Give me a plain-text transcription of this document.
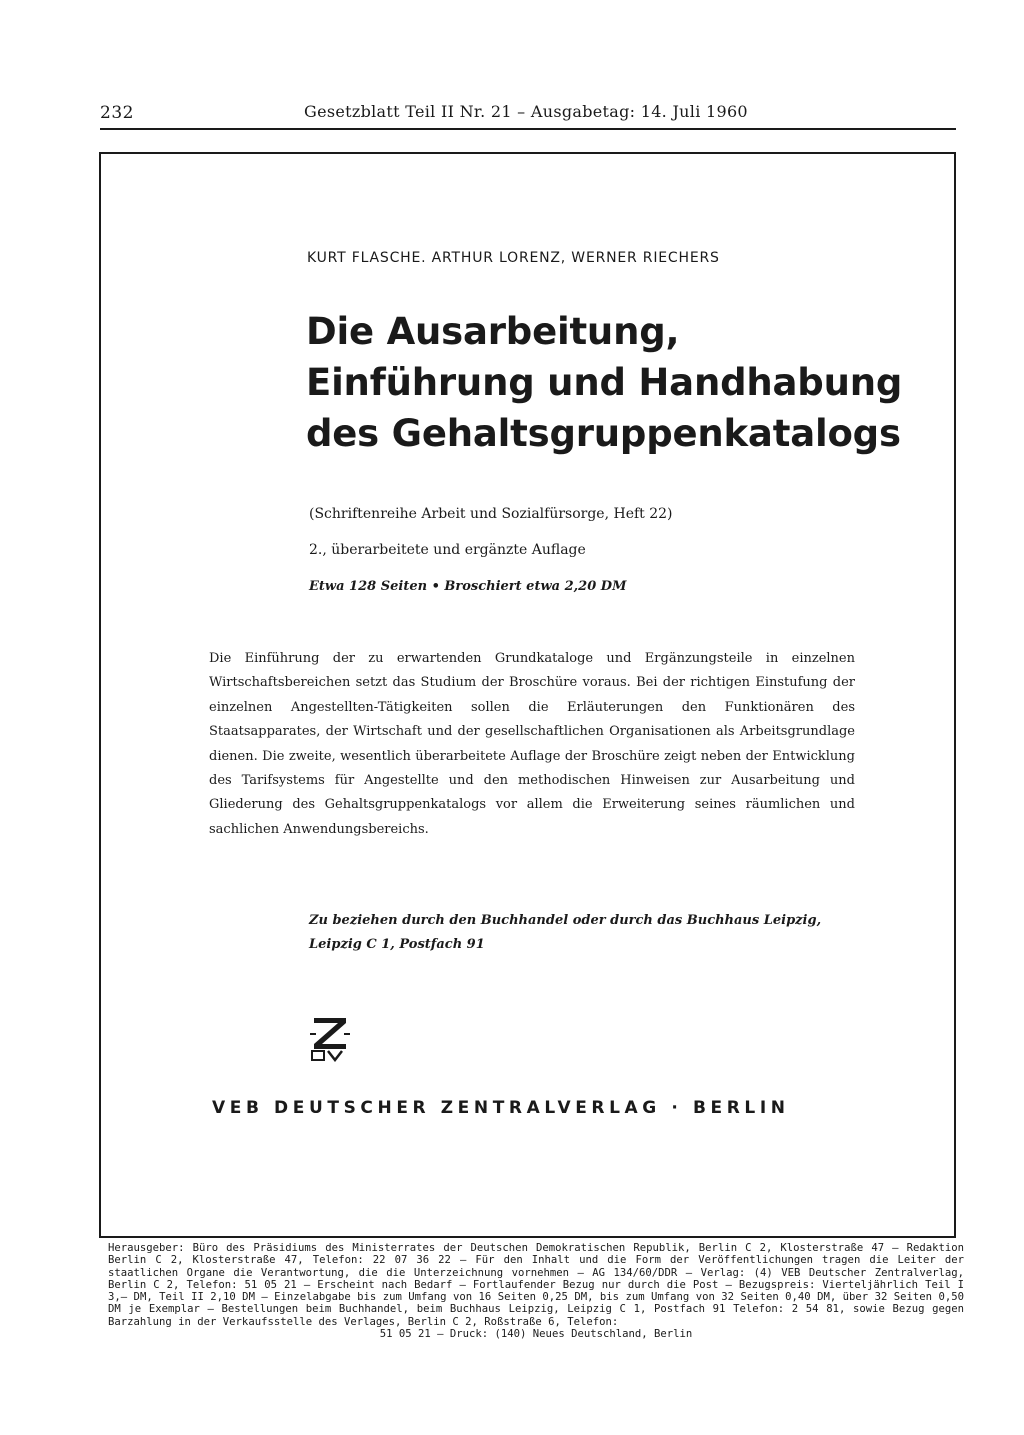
232	Gesetzblatt Teil II Nr. 21 – Ausgabetag: 14. Juli 1960
KURT FLASCHE. ARTHUR LORENZ, WERNER RIECHERS
Die Ausarbeitung,
Einführung und Handhabung
des Gehaltsgruppenkatalogs
(Schriftenreihe Arbeit und Sozialfürsorge, Heft 22)
2., überarbeitete und ergänzte Auflage
Etwa 128 Seiten • Broschiert etwa 2,20 DM

Die Einführung der zu erwartenden Grundkataloge und Ergänzungsteile in einzelnen Wirtschaftsbereichen setzt das Studium der Broschüre voraus. Bei der richtigen Einstufung der einzelnen Angestellten-Tätigkeiten sollen die Erläuterungen den Funktionären des Staatsapparates, der Wirtschaft und der gesellschaftlichen Organisationen als Arbeitsgrundlage dienen. Die zweite, wesentlich überarbeitete Auflage der Broschüre zeigt neben der Entwicklung des Tarifsystems für Angestellte und den methodischen Hinweisen zur Ausarbeitung und Gliederung des Gehaltsgruppenkatalogs vor allem die Erweiterung seines räumlichen und sachlichen Anwendungsbereichs.

Zu beziehen durch den Buchhandel oder durch das Buchhaus Leipzig,
Leipzig C 1, Postfach 91
VEB DEUTSCHER ZENTRALVERLAG · BERLIN

Herausgeber: Büro des Präsidiums des Ministerrates der Deutschen Demokratischen Republik, Berlin C 2, Klosterstraße 47 – Redaktion Berlin C 2, Klosterstraße 47, Telefon: 22 07 36 22 – Für den Inhalt und die Form der Veröffentlichungen tragen die Leiter der staatlichen Organe die Verantwortung, die die Unterzeichnung vornehmen – AG 134/60/DDR – Verlag: (4) VEB Deutscher Zentralverlag, Berlin C 2, Telefon: 51 05 21 – Erscheint nach Bedarf – Fortlaufender Bezug nur durch die Post – Bezugspreis: Vierteljährlich Teil I 3,– DM, Teil II 2,10 DM – Einzelabgabe bis zum Umfang von 16 Seiten 0,25 DM, bis zum Umfang von 32 Seiten 0,40 DM, über 32 Seiten 0,50 DM je Exemplar – Bestellungen beim Buchhandel, beim Buchhaus Leipzig, Leipzig C 1, Postfach 91 Telefon: 2 54 81, sowie Bezug gegen Barzahlung in der Verkaufsstelle des Verlages, Berlin C 2, Roßstraße 6, Telefon:
51 05 21 – Druck: (140) Neues Deutschland, Berlin
